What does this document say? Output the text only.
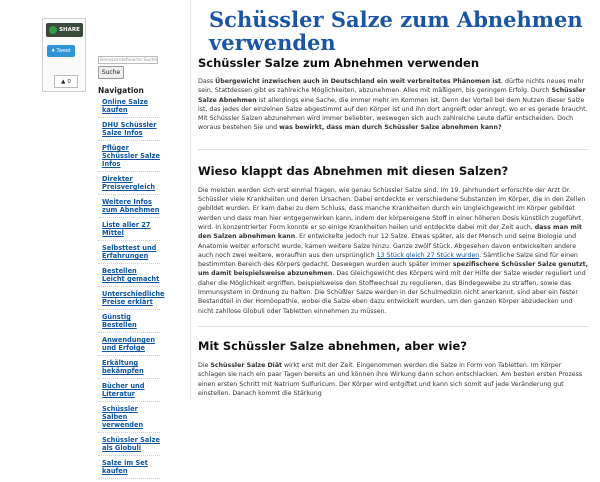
SHARE
♦ Tweet
▲ 0
Schüssler Salze zum Abnehmen verwenden
Benutzerdefinierte Suche
Suche
Navigation
Online Salze kaufen
DHU Schüssler Salze Infos
Pflüger Schüssler Salze Infos
Direkter Preisvergleich
Weitere Infos zum Abnehmen
Liste aller 27 Mittel
Selbsttest und Erfahrungen
Bestellen Leicht gemacht
Unterschiedliche Preise erklärt
Günstig Bestellen
Anwendungen und Erfolge
Erkältung bekämpfen
Bücher und Literatur
Schüssler Salben verwenden
Schüssler Salze als Globuli
Salze im Set kaufen
Schüssler Salze zum Abnehmen verwenden

Dass Übergewicht inzwischen auch in Deutschland ein weit verbreitetes Phänomen ist, dürfte nichts neues mehr sein. Stattdessen gibt es zahlreiche Möglichkeiten, abzunehmen. Alles mit mäßigem, bis geringem Erfolg. Durch Schüssler Salze Abnehmen ist allerdings eine Sache, die immer mehr im Kommen ist. Denn der Vorteil bei dem Nutzen dieser Salze ist, das jedes der einzelnen Salze abgestimmt auf den Körper ist und ihn dort angreift oder anregt, wo er es gerade braucht. Mit Schüssler Salzen abzunehmen wird immer beliebter, weswegen sich auch zahlreiche Leute dafür entscheiden. Doch woraus bestehen Sie und was bewirkt, dass man durch Schüssler Salze abnehmen kann?

Wieso klappt das Abnehmen mit diesen Salzen?

Die meisten werden sich erst einmal fragen, wie genau Schüssler Salze sind. Im 19. Jahrhundert erforschte der Arzt Dr. Schüssler viele Krankheiten und deren Ursachen. Dabei entdeckte er verschiedene Substanzen im Körper, die in den Zellen gebildet wurden. Er kam dabei zu dem Schluss, dass manche Krankheiten durch ein Ungleichgewicht im Körper gebildet werden und dass man hier entgegenwirken kann, indem der körpereigene Stoff in einer höheren Dosis künstlich zugeführt wird. In konzentrierter Form konnte er so einige Krankheiten heilen und entdeckte dabei mit der Zeit auch, dass man mit den Salzen abnehmen kann. Er entwickelte jedoch nur 12 Salze. Etwas später, als der Mensch und seine Biologie und Anatomie weiter erforscht wurde, kamen weitere Salze hinzu. Ganze zwölf Stück. Abgesehen davon entwickelten andere auch noch zwei weitere, woraufhin aus den ursprünglich 13 Stück gleich 27 Stück wurden. Sämtliche Salze sind für einen bestimmten Bereich des Körpers gedacht. Deswegen wurden auch später immer spezifischere Schüssler Salze genutzt, um damit beispielsweise abzunehmen. Das Gleichgewicht des Körpers wird mit der Hilfe der Salze wieder reguliert und daher die Möglichkeit ergriffen, beispielsweise den Stoffwechsel zu regulieren, das Bindegewebe zu straffen, sowie das Immunsystem in Ordnung zu halten. Die Schüßler Salze werden in der Schulmedizin nicht anerkannt, sind aber ein fester Bestandteil in der Homöopathie, wobei die Salze eben dazu entwickelt wurden, um den ganzen Körper abzudecken und nicht zahllose Globuli oder Tabletten einnehmen zu müssen.

Mit Schüssler Salze abnehmen, aber wie?

Die Schüssler Salze Diät wirkt erst mit der Zeit. Eingenommen werden die Salze in Form von Tabletten. Im Körper schlagen sie nach ein paar Tagen bereits an und können ihre Wirkung dann schon entschlacken. Am besten ersten Prozess einen ersten Schritt mit Natrium Sulfuricum. Der Körper wird entgiftet und kann sich somit auf jede Veränderung gut einstellen. Danach kommt die Stärkung
